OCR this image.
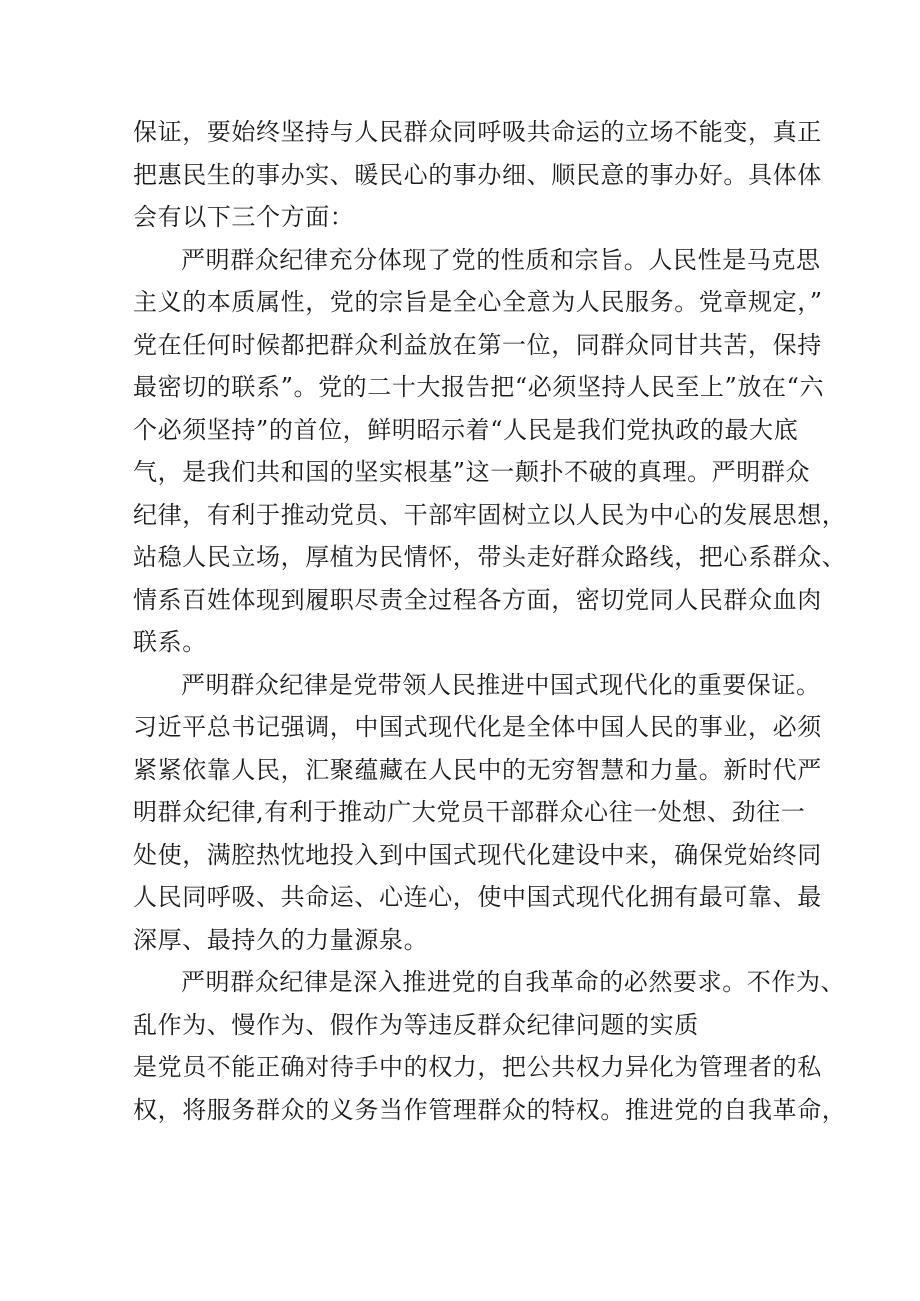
保证，要始终坚持与人民群众同呼吸共命运的立场不能变，真正
把惠民生的事办实、暖民心的事办细、顺民意的事办好。具体体
会有以下三个方面：
严明群众纪律充分体现了党的性质和宗旨。人民性是马克思
主义的本质属性，党的宗旨是全心全意为人民服务。党章规定，”
党在任何时候都把群众利益放在第一位，同群众同甘共苦，保持
最密切的联系”。党的二十大报告把“必须坚持人民至上”放在“六
个必须坚持”的首位，鲜明昭示着“人民是我们党执政的最大底
气，是我们共和国的坚实根基”这一颠扑不破的真理。严明群众
纪律，有利于推动党员、干部牢固树立以人民为中心的发展思想，
站稳人民立场，厚植为民情怀，带头走好群众路线，把心系群众、
情系百姓体现到履职尽责全过程各方面，密切党同人民群众血肉
联系。
严明群众纪律是党带领人民推进中国式现代化的重要保证。
习近平总书记强调，中国式现代化是全体中国人民的事业，必须
紧紧依靠人民，汇聚蕴藏在人民中的无穷智慧和力量。新时代严
明群众纪律,有利于推动广大党员干部群众心往一处想、劲往一
处使，满腔热忱地投入到中国式现代化建设中来，确保党始终同
人民同呼吸、共命运、心连心，使中国式现代化拥有最可靠、最
深厚、最持久的力量源泉。
严明群众纪律是深入推进党的自我革命的必然要求。不作为、
乱作为、慢作为、假作为等违反群众纪律问题的实质
是党员不能正确对待手中的权力，把公共权力异化为管理者的私
权，将服务群众的义务当作管理群众的特权。推进党的自我革命，
